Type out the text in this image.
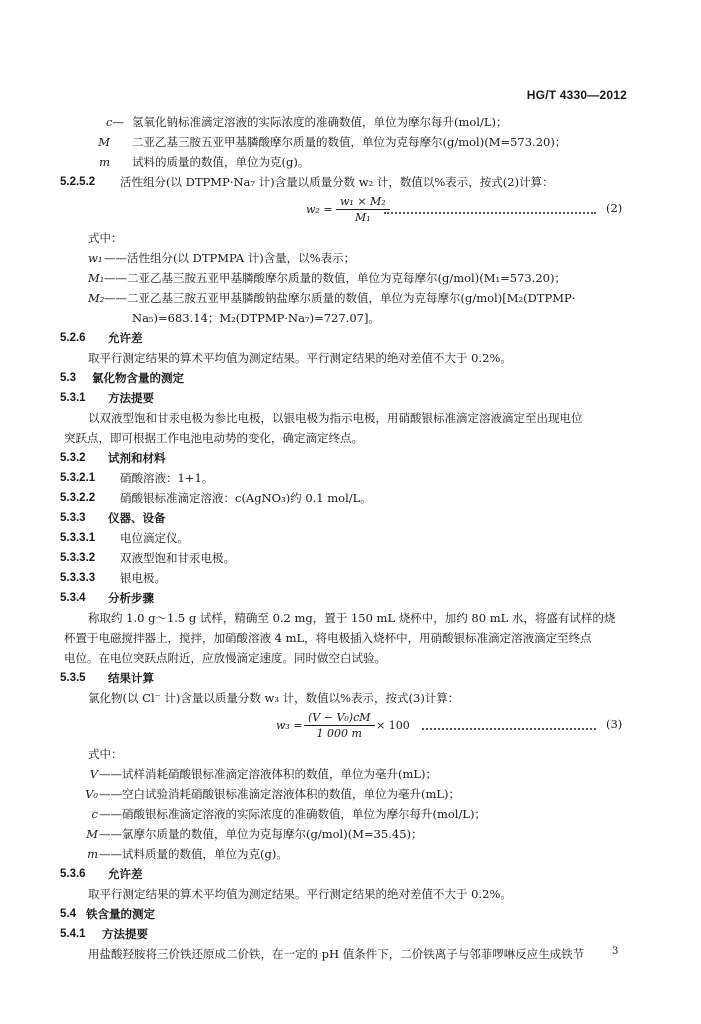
HG/T 4330—2012
c— 氢氧化钠标准滴定溶液的实际浓度的准确数值，单位为摩尔每升(mol/L)；
M 二亚乙基三胺五亚甲基膦酸摩尔质量的数值，单位为克每摩尔(g/mol)(M=573.20)；
m 试料的质量的数值，单位为克(g)。
5.2.5.2 活性组分(以 DTPMP·Na₇ 计)含量以质量分数 w₂ 计，数值以%表示，按式(2)计算：
$w_2 = \frac{\text{w₁ × M₂}}{\text{M₁}}$	(2)
式中：
w₁ ——活性组分(以 DTPMPA 计)含量，以%表示；
M₁ ——二亚乙基三胺五亚甲基膦酸摩尔质量的数值，单位为克每摩尔(g/mol)(M₁=573.20)；
M₂ ——二亚乙基三胺五亚甲基膦酸钠盐摩尔质量的数值，单位为克每摩尔(g/mol)[M₂(DTPMP·
Na₅)=683.14；M₂(DTPMP·Na₇)=727.07]。
5.2.6 允许差
取平行测定结果的算术平均值为测定结果。平行测定结果的绝对差值不大于 0.2%。
5.3 氯化物含量的测定
5.3.1 方法提要
以双液型饱和甘汞电极为参比电极，以银电极为指示电极，用硝酸银标准滴定溶液滴定至出现电位
突跃点，即可根据工作电池电动势的变化，确定滴定终点。
5.3.2 试剂和材料
5.3.2.1 硝酸溶液：1+1。
5.3.2.2 硝酸银标准滴定溶液：c(AgNO₃)约 0.1 mol/L。
5.3.3 仪器、设备
5.3.3.1 电位滴定仪。
5.3.3.2 双液型饱和甘汞电极。
5.3.3.3 银电极。
5.3.4 分析步骤
称取约 1.0 g～1.5 g 试样，精确至 0.2 mg，置于 150 mL 烧杯中，加约 80 mL 水，将盛有试样的烧
杯置于电磁搅拌器上，搅拌，加硝酸溶液 4 mL，将电极插入烧杯中，用硝酸银标准滴定溶液滴定至终点
电位。在电位突跃点附近，应放慢滴定速度。同时做空白试验。
5.3.5 结果计算
氯化物(以 Cl⁻ 计)含量以质量分数 w₃ 计，数值以%表示，按式(3)计算：
$w_3 = \frac{\text{(V − V₀)cM}}{1 000 m} \times 100$	(3)
式中：
V ——试样消耗硝酸银标准滴定溶液体积的数值，单位为毫升(mL)；
V₀ ——空白试验消耗硝酸银标准滴定溶液体积的数值，单位为毫升(mL)；
c ——硝酸银标准滴定溶液的实际浓度的准确数值，单位为摩尔每升(mol/L)；
M ——氯摩尔质量的数值，单位为克每摩尔(g/mol)(M=35.45)；
m ——试料质量的数值，单位为克(g)。
5.3.6 允许差
取平行测定结果的算术平均值为测定结果。平行测定结果的绝对差值不大于 0.2%。
5.4 铁含量的测定
5.4.1 方法提要
用盐酸羟胺将三价铁还原成二价铁，在一定的 pH 值条件下，二价铁离子与邻菲啰啉反应生成铁节	3
